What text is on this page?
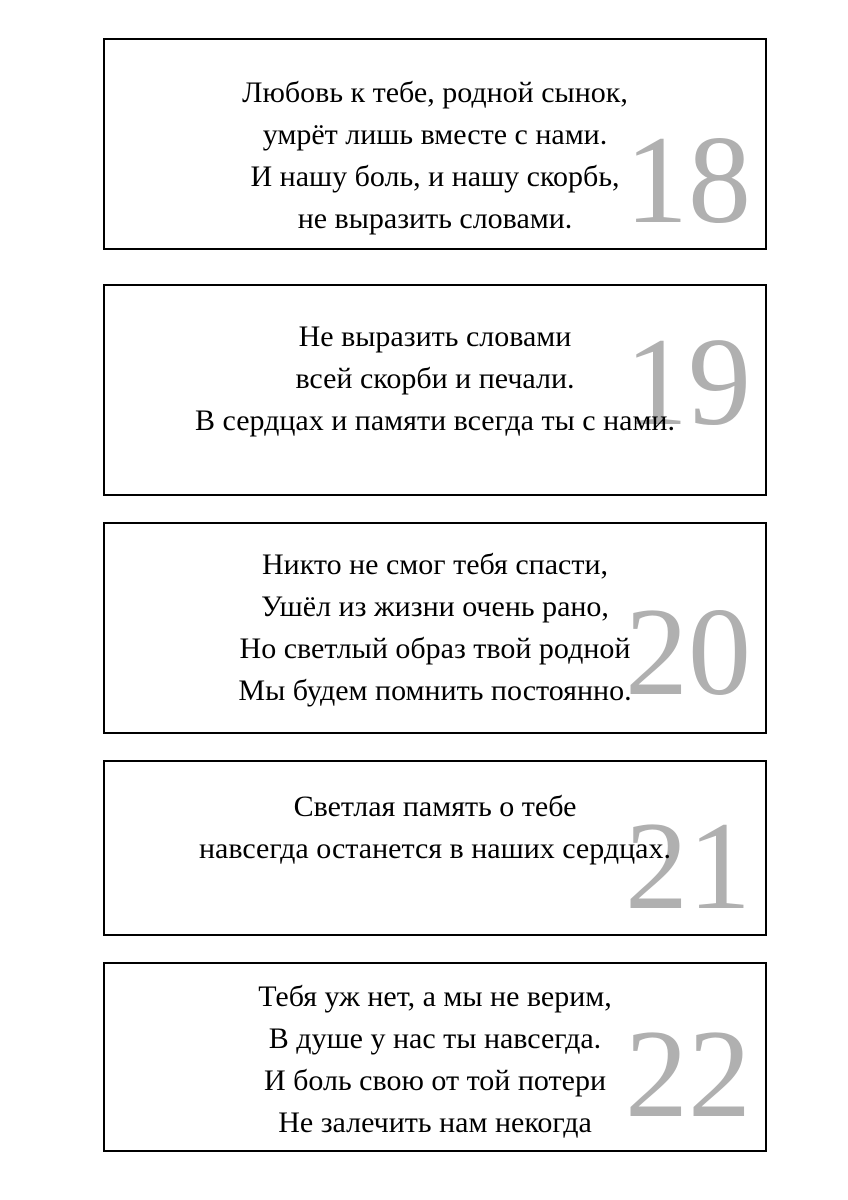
18
Любовь к тебе, родной сынок,
умрёт лишь вместе с нами.
И нашу боль, и нашу скорбь,
не выразить словами.
19
Не выразить словами
всей скорби и печали.
В сердцах и памяти всегда ты с нами.
20
Никто не смог тебя спасти,
Ушёл из жизни очень рано,
Но светлый образ твой родной
Мы будем помнить постоянно.
21
Светлая память о тебе
навсегда останется в наших сердцах.
22
Тебя уж нет, а мы не верим,
В душе у нас ты навсегда.
И боль свою от той потери
Не залечить нам некогда
